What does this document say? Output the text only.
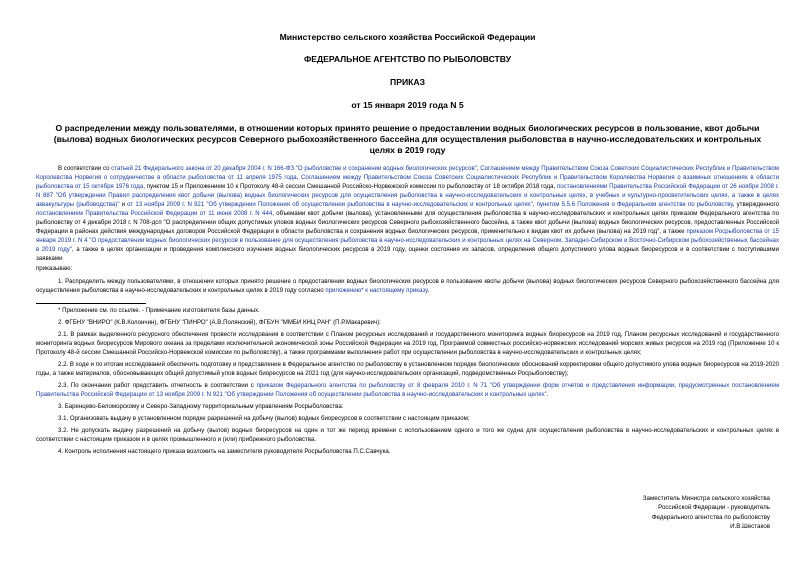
Министерство сельского хозяйства Российской Федерации
ФЕДЕРАЛЬНОЕ АГЕНТСТВО ПО РЫБОЛОВСТВУ
ПРИКАЗ
от 15 января 2019 года N 5
О распределении между пользователями, в отношении которых принято решение о предоставлении водных биологических ресурсов в пользование, квот добычи (вылова) водных биологических ресурсов Северного рыбохозяйственного бассейна для осуществления рыболовства в научно-исследовательских и контрольных целях в 2019 году

В соответствии со статьей 21 Федерального закона от 20 декабря 2004 г. N 166-ФЗ "О рыболовстве и сохранении водных биологических ресурсов", Соглашением между Правительством Союза Советских Социалистических Республик и Правительством Королевства Норвегия о сотрудничестве в области рыболовства от 11 апреля 1975 года, Соглашением между Правительством Союза Советских Социалистических Республик и Правительством Королевства Норвегия о взаимных отношениях в области рыболовства от 15 октября 1976 года, пунктом 15 и Приложением 10 к Протоколу 48-й сессии Смешанной Российско-Норвежской комиссии по рыболовству от 18 октября 2018 года, постановлениями Правительства Российской Федерации от 26 ноября 2008 г. N 887 "Об утверждении Правил распределения квот добычи (вылова) водных биологических ресурсов для осуществления рыболовства в научно-исследовательских и контрольных целях, в учебных и культурно-просветительских целях, а также в целях аквакультуры (рыбоводства)" и от 13 ноября 2009 г. N 921 "Об утверждении Положения об осуществлении рыболовства в научно-исследовательских и контрольных целях", пунктом 5.5.6 Положения о Федеральном агентстве по рыболовству, утвержденного постановлением Правительства Российской Федерации от 11 июня 2008 г. N 444, объемами квот добычи (вылова), установленными для осуществления рыболовства в научно-исследовательских и контрольных целях приказом Федерального агентства по рыболовству от 4 декабря 2018 г. N 708-дсп "О распределении общих допустимых уловов водных биологических ресурсов Северного рыбохозяйственного бассейна, а также квот добычи (вылова) водных биологических ресурсов, предоставленных Российской Федерации в районах действия международных договоров Российской Федерации в области рыболовства и сохранения водных биологических ресурсов, применительно к видам квот их добычи (вылова) на 2019 год", а также приказом Росрыболовства от 15 января 2019 г. N 4 "О предоставлении водных биологических ресурсов в пользование для осуществления рыболовства в научно-исследовательских и контрольных целях на Северном, Западно-Сибирском и Восточно-Сибирском рыбохозяйственных бассейнах в 2019 году", а также в целях организации и проведения комплексного изучения водных биологических ресурсов в 2019 году, оценки состояния их запасов, определения общего допустимого улова водных биоресурсов и в соответствии с поступившими заявками

приказываю:

1. Распределить между пользователями, в отношении которых принято решение о предоставлении водных биологических ресурсов в пользование квоты добычи (вылова) водных биологических ресурсов Северного рыбохозяйственного бассейна для осуществления рыболовства в научно-исследовательских и контрольных целях в 2019 году согласно приложению* к настоящему приказу.

* Приложение см. по ссылке. - Примечание изготовителя базы данных.

2. ФГБНУ "ВНИРО" (К.В.Колончин), ФГБНУ "ПИНРО" (А.В.Полянский), ФГБУН "ММБИ КНЦ РАН" (П.Р.Макаревич):

2.1. В рамках выделенного ресурсного обеспечения провести исследования в соответствии с Планом ресурсных исследований и государственного мониторинга водных биоресурсов на 2019 год, Планом ресурсных исследований и государственного мониторинга водных биоресурсов Мирового океана за пределами исключительной экономической зоны Российской Федерации на 2019 год, Программой совместных российско-норвежских исследований морских живых ресурсов на 2019 год (Приложение 10 к Протоколу 48-й сессии Смешанной Российско-Норвежской комиссии по рыболовству), а также программами выполнения работ при осуществлении рыболовства в научно-исследовательских и контрольных целях;

2.2. В ходе и по итогам исследований обеспечить подготовку и представление в Федеральное агентство по рыболовству в установленном порядке биологических обоснований корректировки общего допустимого улова водных биоресурсов на 2019-2020 годы, а также материалов, обосновывающих общий допустимый улов водных биоресурсов на 2021 год (для научно-исследовательских организаций, подведомственных Росрыболовству);

2.3. По окончании работ представить отчетность в соответствии с приказом Федерального агентства по рыболовству от 8 февраля 2010 г. N 71 "Об утверждении форм отчетов и представления информации, предусмотренных постановлением Правительства Российской Федерации от 13 ноября 2009 г. N 921 "Об утверждении Положения об осуществлении рыболовства в научно-исследовательских и контрольных целях".

3. Баренцево-Беломорскому и Северо-Западному территориальным управлениям Росрыболовства:

3.1. Организовать выдачу в установленном порядке разрешений на добычу (вылов) водных биоресурсов в соответствии с настоящим приказом;

3.2. Не допускать выдачу разрешений на добычу (вылов) водных биоресурсов на один и тот же период времени с использованием одного и того же судна для осуществления рыболовства в научно-исследовательских и контрольных целях в соответствии с настоящим приказом и в целях промышленного и (или) прибрежного рыболовства.

4. Контроль исполнения настоящего приказа возложить на заместителя руководителя Росрыболовства П.С.Савчука.

Заместитель Министра сельского хозяйства
Российской Федерации - руководитель
Федерального агентства по рыболовству
И.В.Шестаков
